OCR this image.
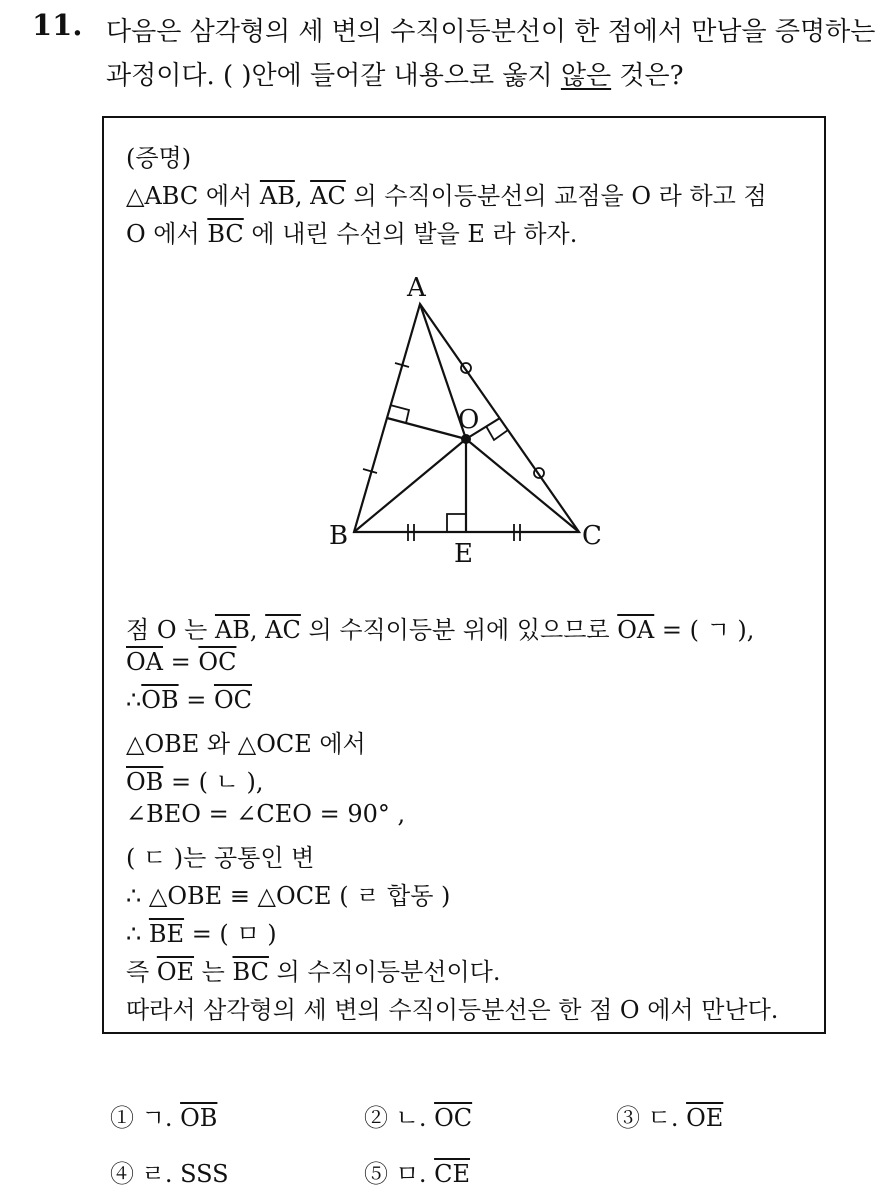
11. 다음은 삼각형의 세 변의 수직이등분선이 한 점에서 만남을 증명하는
과정이다. ( )안에 들어갈 내용으로 옳지 않은 것은?
(증명)
△ABC 에서 $\overline{AB}$, $\overline{AC}$ 의 수직이등분선의 교점을 O 라 하고 점
O 에서 $\overline{BC}$ 에 내린 수선의 발을 E 라 하자.
A
B	C
O
E
점 O 는 $\overline{AB}$, $\overline{AC}$ 의 수직이등분 위에 있으므로 $\overline{OA}$ = ( ㄱ ),
$\overline{OA} = \overline{OC}$
$\therefore\overline{OB} = \overline{OC}$
△OBE 와 △OCE 에서
$\overline{OB}$ = ( ㄴ ),
∠BEO = ∠CEO = 90° ,
( ㄷ )는 공통인 변
∴ △OBE ≡ △OCE ( ㄹ 합동 )
∴ $\overline{BE}$ = ( ㅁ )
즉 $\overline{OE}$ 는 $\overline{BC}$ 의 수직이등분선이다.
따라서 삼각형의 세 변의 수직이등분선은 한 점 O 에서 만난다.
① ㄱ. $\overline{OB}$	② ㄴ. $\overline{OC}$	③ ㄷ. $\overline{OE}$
④ ㄹ. SSS	⑤ ㅁ. $\overline{CE}$
